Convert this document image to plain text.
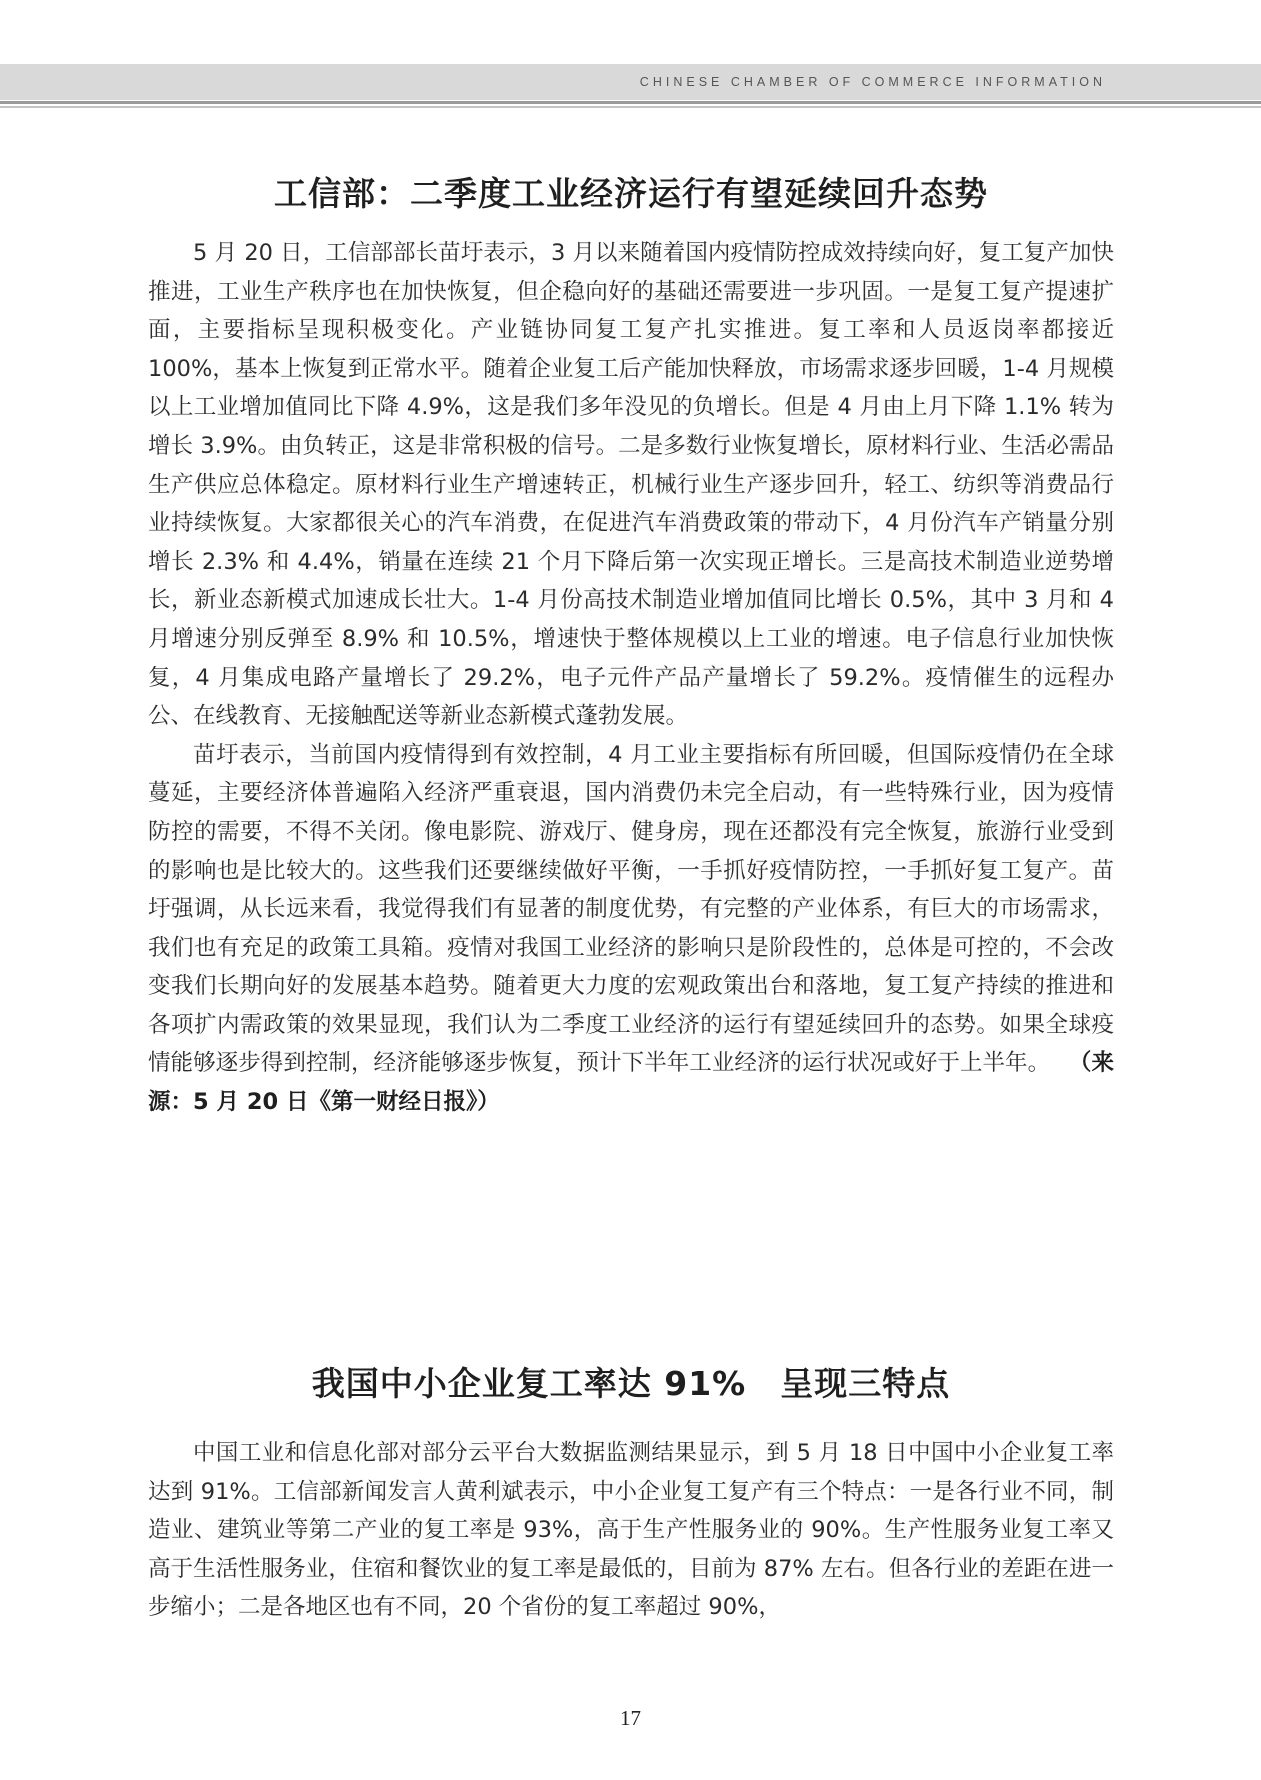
CHINESE CHAMBER OF COMMERCE INFORMATION
工信部：二季度工业经济运行有望延续回升态势

5 月 20 日，工信部部长苗圩表示，3 月以来随着国内疫情防控成效持续向好，复工复产加快推进，工业生产秩序也在加快恢复，但企稳向好的基础还需要进一步巩固。一是复工复产提速扩面，主要指标呈现积极变化。产业链协同复工复产扎实推进。复工率和人员返岗率都接近 100%，基本上恢复到正常水平。随着企业复工后产能加快释放，市场需求逐步回暖，1-4 月规模以上工业增加值同比下降 4.9%，这是我们多年没见的负增长。但是 4 月由上月下降 1.1% 转为增长 3.9%。由负转正，这是非常积极的信号。二是多数行业恢复增长，原材料行业、生活必需品生产供应总体稳定。原材料行业生产增速转正，机械行业生产逐步回升，轻工、纺织等消费品行业持续恢复。大家都很关心的汽车消费，在促进汽车消费政策的带动下，4 月份汽车产销量分别增长 2.3% 和 4.4%，销量在连续 21 个月下降后第一次实现正增长。三是高技术制造业逆势增长，新业态新模式加速成长壮大。1-4 月份高技术制造业增加值同比增长 0.5%，其中 3 月和 4 月增速分别反弹至 8.9% 和 10.5%，增速快于整体规模以上工业的增速。电子信息行业加快恢复，4 月集成电路产量增长了 29.2%，电子元件产品产量增长了 59.2%。疫情催生的远程办公、在线教育、无接触配送等新业态新模式蓬勃发展。

苗圩表示，当前国内疫情得到有效控制，4 月工业主要指标有所回暖，但国际疫情仍在全球蔓延，主要经济体普遍陷入经济严重衰退，国内消费仍未完全启动，有一些特殊行业，因为疫情防控的需要，不得不关闭。像电影院、游戏厅、健身房，现在还都没有完全恢复，旅游行业受到的影响也是比较大的。这些我们还要继续做好平衡，一手抓好疫情防控，一手抓好复工复产。苗圩强调，从长远来看，我觉得我们有显著的制度优势，有完整的产业体系，有巨大的市场需求，我们也有充足的政策工具箱。疫情对我国工业经济的影响只是阶段性的，总体是可控的，不会改变我们长期向好的发展基本趋势。随着更大力度的宏观政策出台和落地，复工复产持续的推进和各项扩内需政策的效果显现，我们认为二季度工业经济的运行有望延续回升的态势。如果全球疫情能够逐步得到控制，经济能够逐步恢复，预计下半年工业经济的运行状况或好于上半年。 （来源：5 月 20 日《第一财经日报》）

我国中小企业复工率达 91%　呈现三特点

中国工业和信息化部对部分云平台大数据监测结果显示，到 5 月 18 日中国中小企业复工率达到 91%。工信部新闻发言人黄利斌表示，中小企业复工复产有三个特点：一是各行业不同，制造业、建筑业等第二产业的复工率是 93%，高于生产性服务业的 90%。生产性服务业复工率又高于生活性服务业，住宿和餐饮业的复工率是最低的，目前为 87% 左右。但各行业的差距在进一步缩小；二是各地区也有不同，20 个省份的复工率超过 90%，

17
